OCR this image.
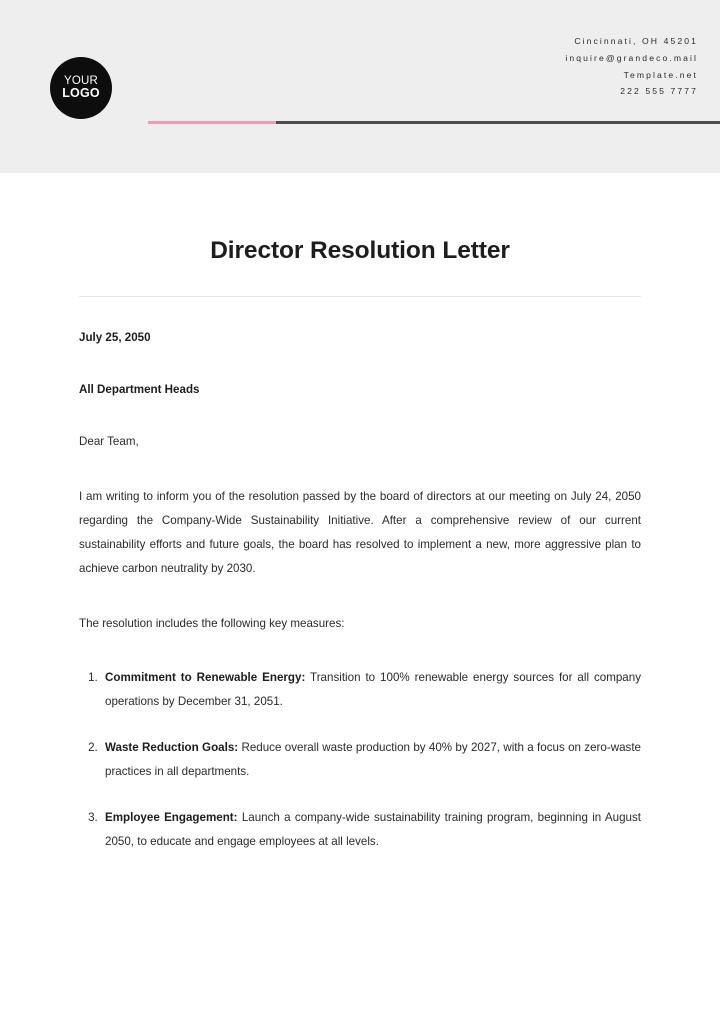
YOUR
LOGO
Cincinnati, OH 45201
inquire@grandeco.mail
Template.net
222 555 7777
Director Resolution Letter
July 25, 2050
All Department Heads
Dear Team,

I am writing to inform you of the resolution passed by the board of directors at our meeting on July 24, 2050 regarding the Company-Wide Sustainability Initiative. After a comprehensive review of our current sustainability efforts and future goals, the board has resolved to implement a new, more aggressive plan to achieve carbon neutrality by 2030.

The resolution includes the following key measures:

1. Commitment to Renewable Energy: Transition to 100% renewable energy sources for all company operations by December 31, 2051.
2. Waste Reduction Goals: Reduce overall waste production by 40% by 2027, with a focus on zero-waste practices in all departments.
3. Employee Engagement: Launch a company-wide sustainability training program, beginning in August 2050, to educate and engage employees at all levels.
